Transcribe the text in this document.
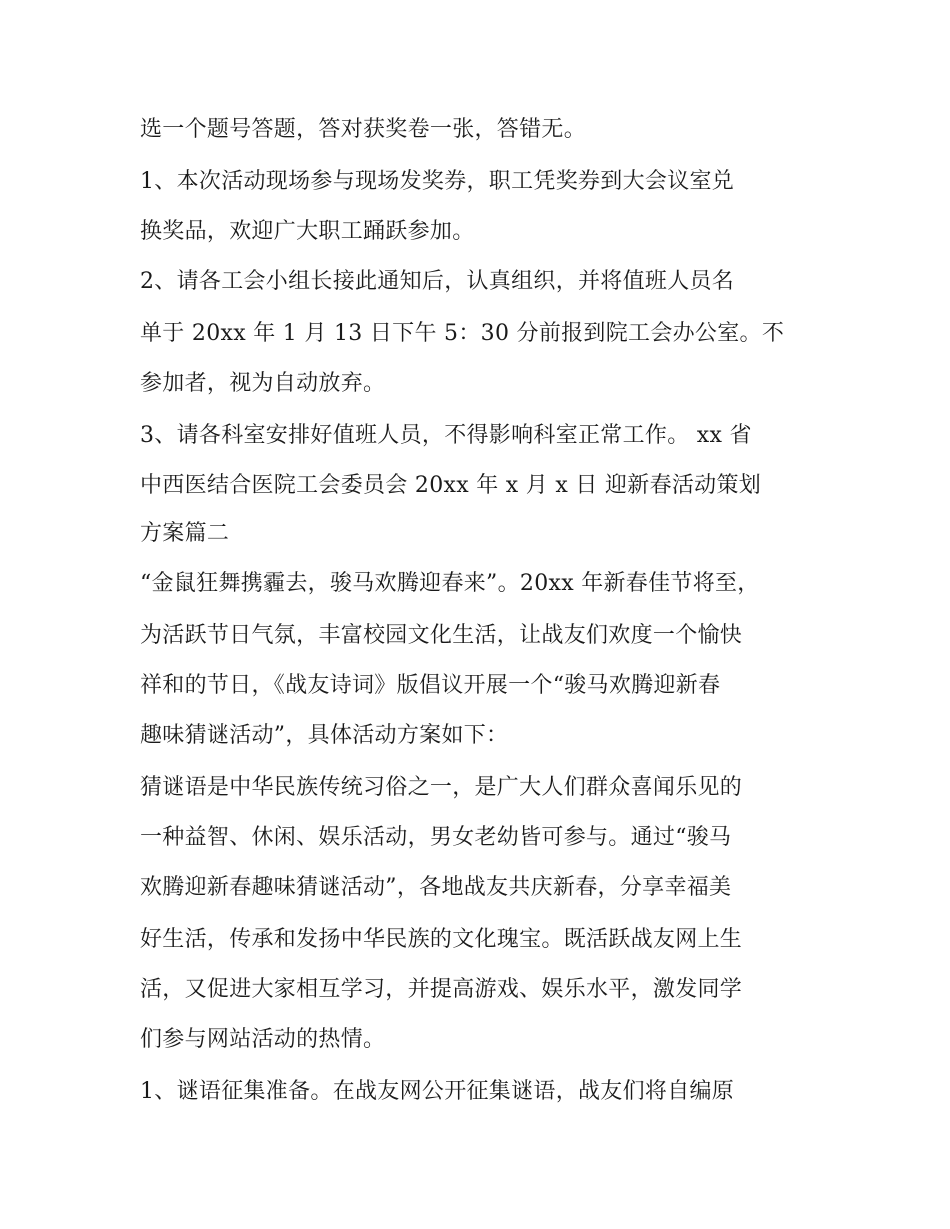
选一个题号答题，答对获奖卷一张，答错无。
1、本次活动现场参与现场发奖券，职工凭奖券到大会议室兑
换奖品，欢迎广大职工踊跃参加。
2、请各工会小组长接此通知后，认真组织，并将值班人员名
单于 20xx 年 1 月 13 日下午 5：30 分前报到院工会办公室。不
参加者，视为自动放弃。
3、请各科室安排好值班人员，不得影响科室正常工作。 xx 省
中西医结合医院工会委员会 20xx 年 x 月 x 日 迎新春活动策划
方案篇二
“金鼠狂舞携霾去，骏马欢腾迎春来”。20xx 年新春佳节将至，
为活跃节日气氛，丰富校园文化生活，让战友们欢度一个愉快
祥和的节日，《战友诗词》版倡议开展一个“骏马欢腾迎新春
趣味猜谜活动”，具体活动方案如下：
猜谜语是中华民族传统习俗之一，是广大人们群众喜闻乐见的
一种益智、休闲、娱乐活动，男女老幼皆可参与。通过“骏马
欢腾迎新春趣味猜谜活动”，各地战友共庆新春，分享幸福美
好生活，传承和发扬中华民族的文化瑰宝。既活跃战友网上生
活，又促进大家相互学习，并提高游戏、娱乐水平，激发同学
们参与网站活动的热情。
1、谜语征集准备。在战友网公开征集谜语，战友们将自编原
